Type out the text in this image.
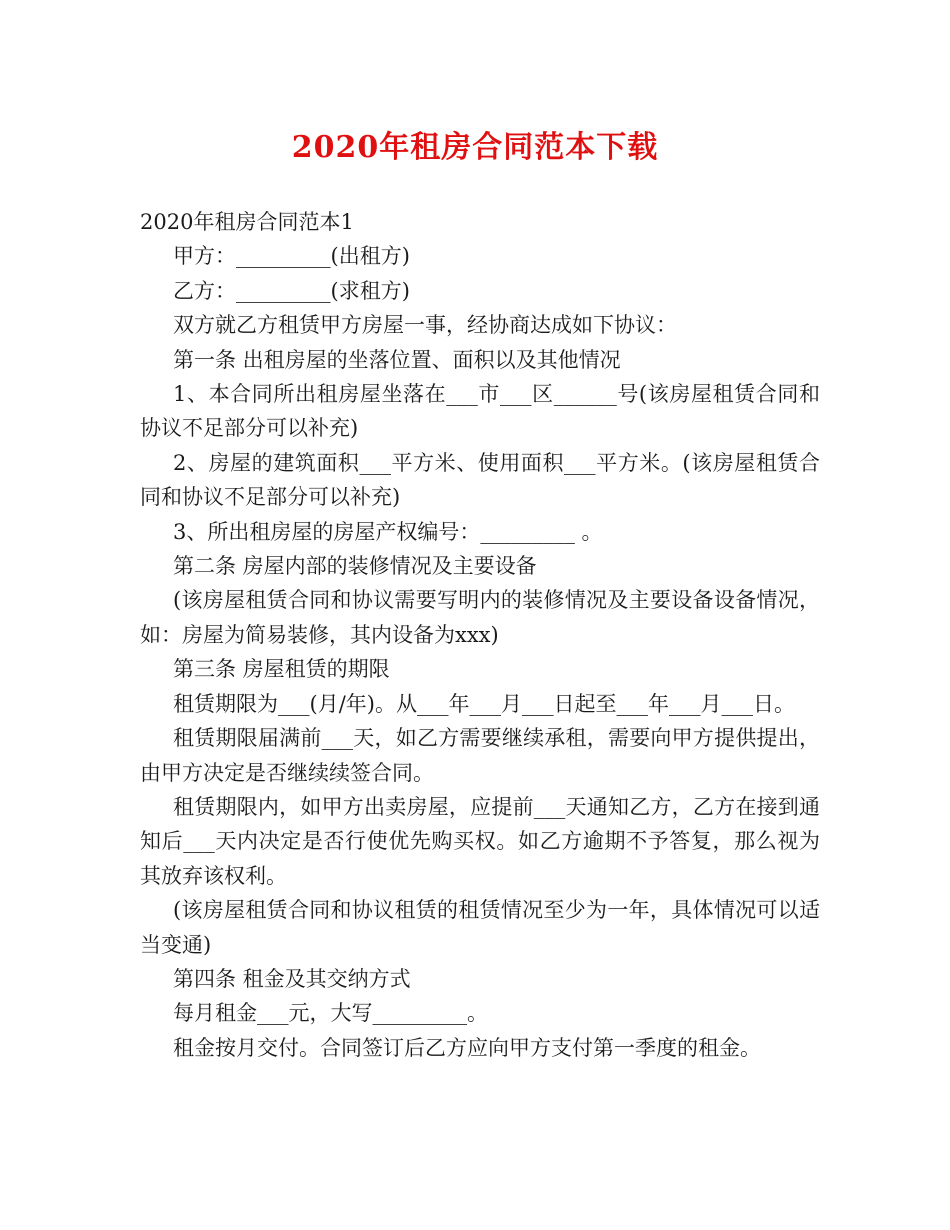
2020年租房合同范本下载

2020年租房合同范本1

甲方：_________(出租方)

乙方：_________(求租方)

双方就乙方租赁甲方房屋一事，经协商达成如下协议：

第一条 出租房屋的坐落位置、面积以及其他情况

1、本合同所出租房屋坐落在___市___区______号(该房屋租赁合同和协议不足部分可以补充)

2、房屋的建筑面积___平方米、使用面积___平方米。(该房屋租赁合同和协议不足部分可以补充)

3、所出租房屋的房屋产权编号：_________ 。

第二条 房屋内部的装修情况及主要设备

(该房屋租赁合同和协议需要写明内的装修情况及主要设备设备情况，如：房屋为简易装修，其内设备为xxx)

第三条 房屋租赁的期限

租赁期限为___(月/年)。从___年___月___日起至___年___月___日。

租赁期限届满前___天，如乙方需要继续承租，需要向甲方提供提出，由甲方决定是否继续续签合同。

租赁期限内，如甲方出卖房屋，应提前___天通知乙方，乙方在接到通知后___天内决定是否行使优先购买权。如乙方逾期不予答复，那么视为其放弃该权利。

(该房屋租赁合同和协议租赁的租赁情况至少为一年，具体情况可以适当变通)

第四条 租金及其交纳方式

每月租金___元，大写_________。

租金按月交付。合同签订后乙方应向甲方支付第一季度的租金。
